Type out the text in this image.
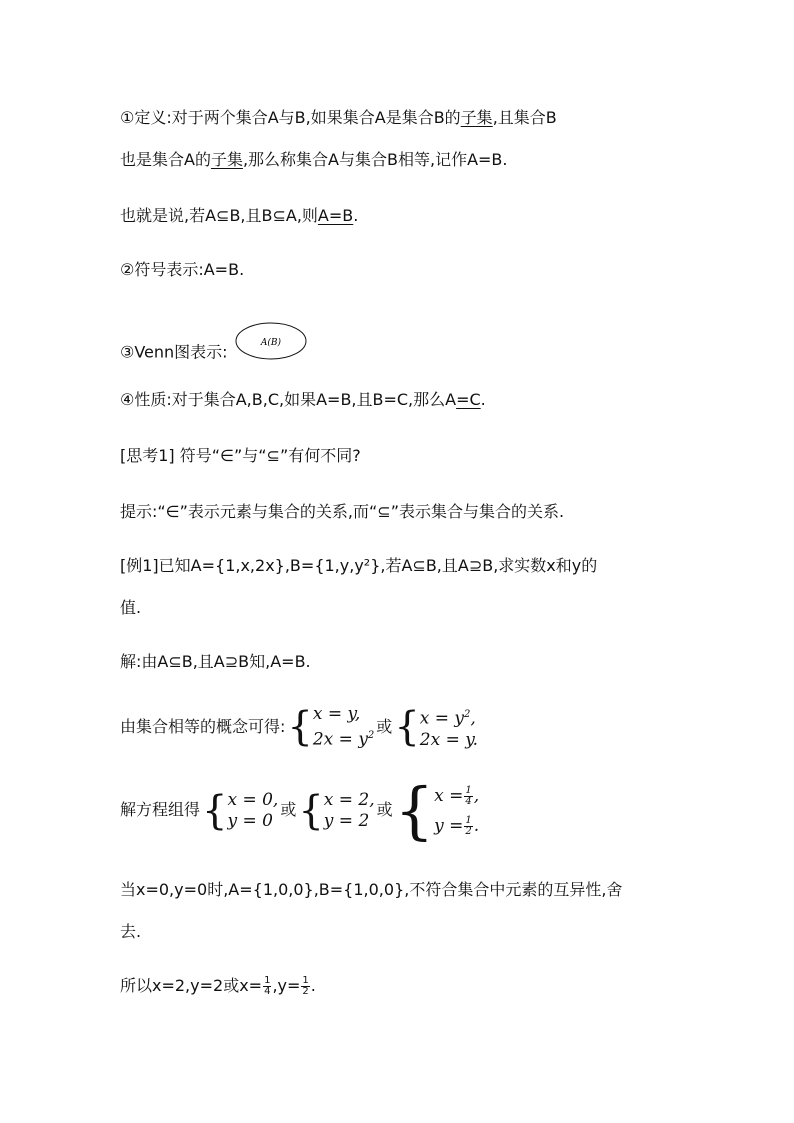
①定义:对于两个集合A与B,如果集合A是集合B的子集,且集合B
也是集合A的子集,那么称集合A与集合B相等,记作A=B.
也就是说,若A⊆B,且B⊆A,则A=B.
②符号表示:A=B.
③Venn图表示:	A(B)
④性质:对于集合A,B,C,如果A=B,且B=C,那么A=C.
[思考1] 符号“∈”与“⊆”有何不同?
提示:“∈”表示元素与集合的关系,而“⊆”表示集合与集合的关系.
[例1]已知A={1,x,2x},B={1,y,y²},若A⊆B,且A⊇B,求实数x和y的
值.
解:由A⊆B,且A⊇B知,A=B.
由集合相等的概念可得: { x = y,
$2x = y^2$ 或 { $x = y^2$,
2x = y.
解方程组得 { x = 0,
y = 0
或 { x = 2,
y = 2
或 { $x = \frac{1}{4}$ ,
$y = \frac{1}{2}$ .
当x=0,y=0时,A={1,0,0},B={1,0,0},不符合集合中元素的互异性,舍
去.
所以x=2,y=2或$x= \frac{1}{4} ,y= \frac{1}{2}$ .
